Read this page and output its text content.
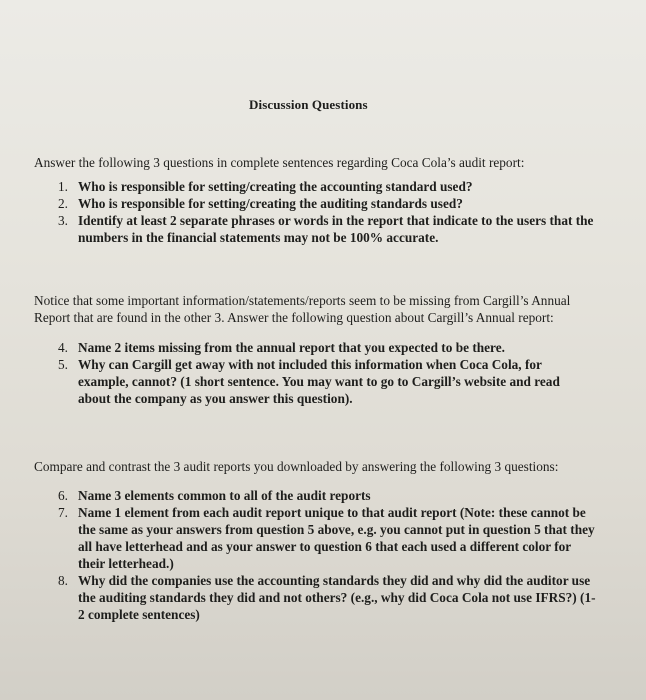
Discussion Questions

Answer the following 3 questions in complete sentences regarding Coca Cola’s audit report:

1. Who is responsible for setting/creating the accounting standard used?
2. Who is responsible for setting/creating the auditing standards used?
3. Identify at least 2 separate phrases or words in the report that indicate to the users that the numbers in the financial statements may not be 100% accurate.

Notice that some important information/statements/reports seem to be missing from Cargill’s Annual Report that are found in the other 3. Answer the following question about Cargill’s Annual report:

4. Name 2 items missing from the annual report that you expected to be there.
5. Why can Cargill get away with not included this information when Coca Cola, for example, cannot? (1 short sentence. You may want to go to Cargill’s website and read about the company as you answer this question).

Compare and contrast the 3 audit reports you downloaded by answering the following 3 questions:

6. Name 3 elements common to all of the audit reports
7. Name 1 element from each audit report unique to that audit report (Note: these cannot be the same as your answers from question 5 above, e.g. you cannot put in question 5 that they all have letterhead and as your answer to question 6 that each used a different color for their letterhead.)
8. Why did the companies use the accounting standards they did and why did the auditor use the auditing standards they did and not others? (e.g., why did Coca Cola not use IFRS?) (1-2 complete sentences)
